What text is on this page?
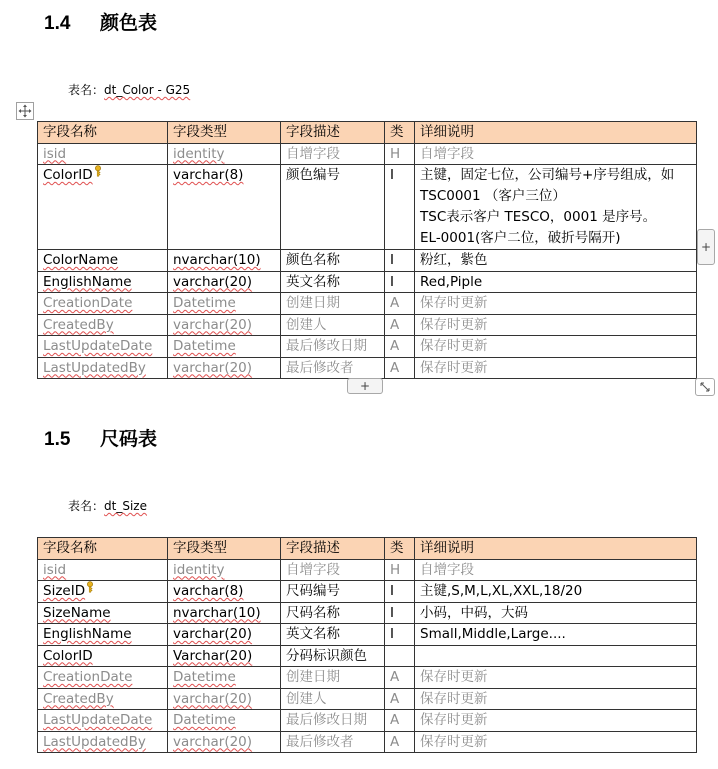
1.4 颜色表
表名：dt_Color - G25
字段名称	字段类型	字段描述	类	详细说明
isid	identity	自增字段	H	自增字段
ColorID	varchar(8)	颜色编号	I	主键，固定七位，公司编号+序号组成，如TSC0001 （客户三位）
TSC表示客户 TESCO，0001 是序号。
EL-0001(客户二位，破折号隔开)
ColorName	nvarchar(10)	颜色名称	I	粉红，紫色
EnglishName	varchar(20)	英文名称	I	Red,Piple
CreationDate	Datetime	创建日期	A	保存时更新
CreatedBy	varchar(20)	创建人	A	保存时更新
LastUpdateDate	Datetime	最后修改日期	A	保存时更新
LastUpdatedBy	varchar(20)	最后修改者	A	保存时更新
+
+
1.5 尺码表
表名：dt_Size
字段名称	字段类型	字段描述	类	详细说明
isid	identity	自增字段	H	自增字段
SizeID	varchar(8)	尺码编号	I	主键,S,M,L,XL,XXL,18/20
SizeName	nvarchar(10)	尺码名称	I	小码，中码，大码
EnglishName	varchar(20)	英文名称	I	Small,Middle,Large....
ColorID	Varchar(20)	分码标识颜色		
CreationDate	Datetime	创建日期	A	保存时更新
CreatedBy	varchar(20)	创建人	A	保存时更新
LastUpdateDate	Datetime	最后修改日期	A	保存时更新
LastUpdatedBy	varchar(20)	最后修改者	A	保存时更新
